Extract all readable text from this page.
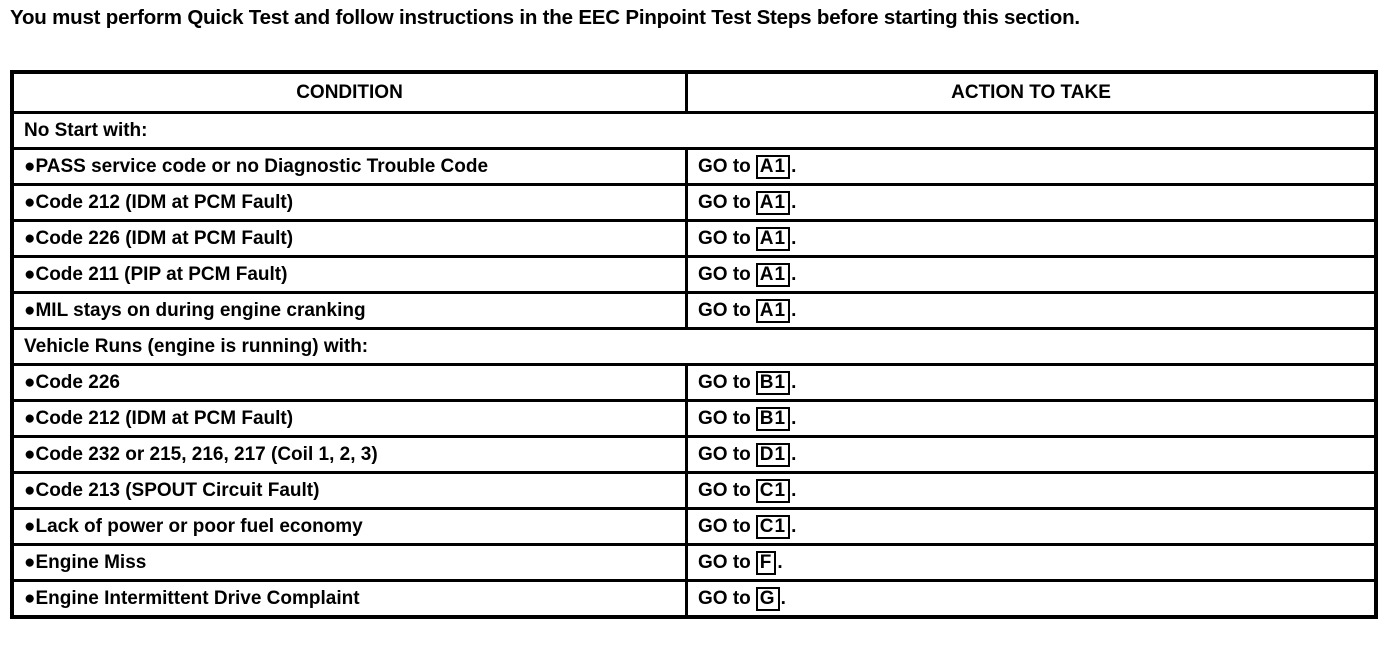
You must perform Quick Test and follow instructions in the EEC Pinpoint Test Steps before starting this section.
CONDITION	ACTION TO TAKE
No Start with:	
●PASS service code or no Diagnostic Trouble Code	GO to A1 .
●Code 212 (IDM at PCM Fault)	GO to A1 .
●Code 226 (IDM at PCM Fault)	GO to A1 .
●Code 211 (PIP at PCM Fault)	GO to A1 .
●MIL stays on during engine cranking	GO to A1 .
Vehicle Runs (engine is running) with:	
●Code 226	GO to B1 .
●Code 212 (IDM at PCM Fault)	GO to B1 .
●Code 232 or 215, 216, 217 (Coil 1, 2, 3)	GO to D1 .
●Code 213 (SPOUT Circuit Fault)	GO to C1 .
●Lack of power or poor fuel economy	GO to C1 .
●Engine Miss	GO to F .
●Engine Intermittent Drive Complaint	GO to G .
